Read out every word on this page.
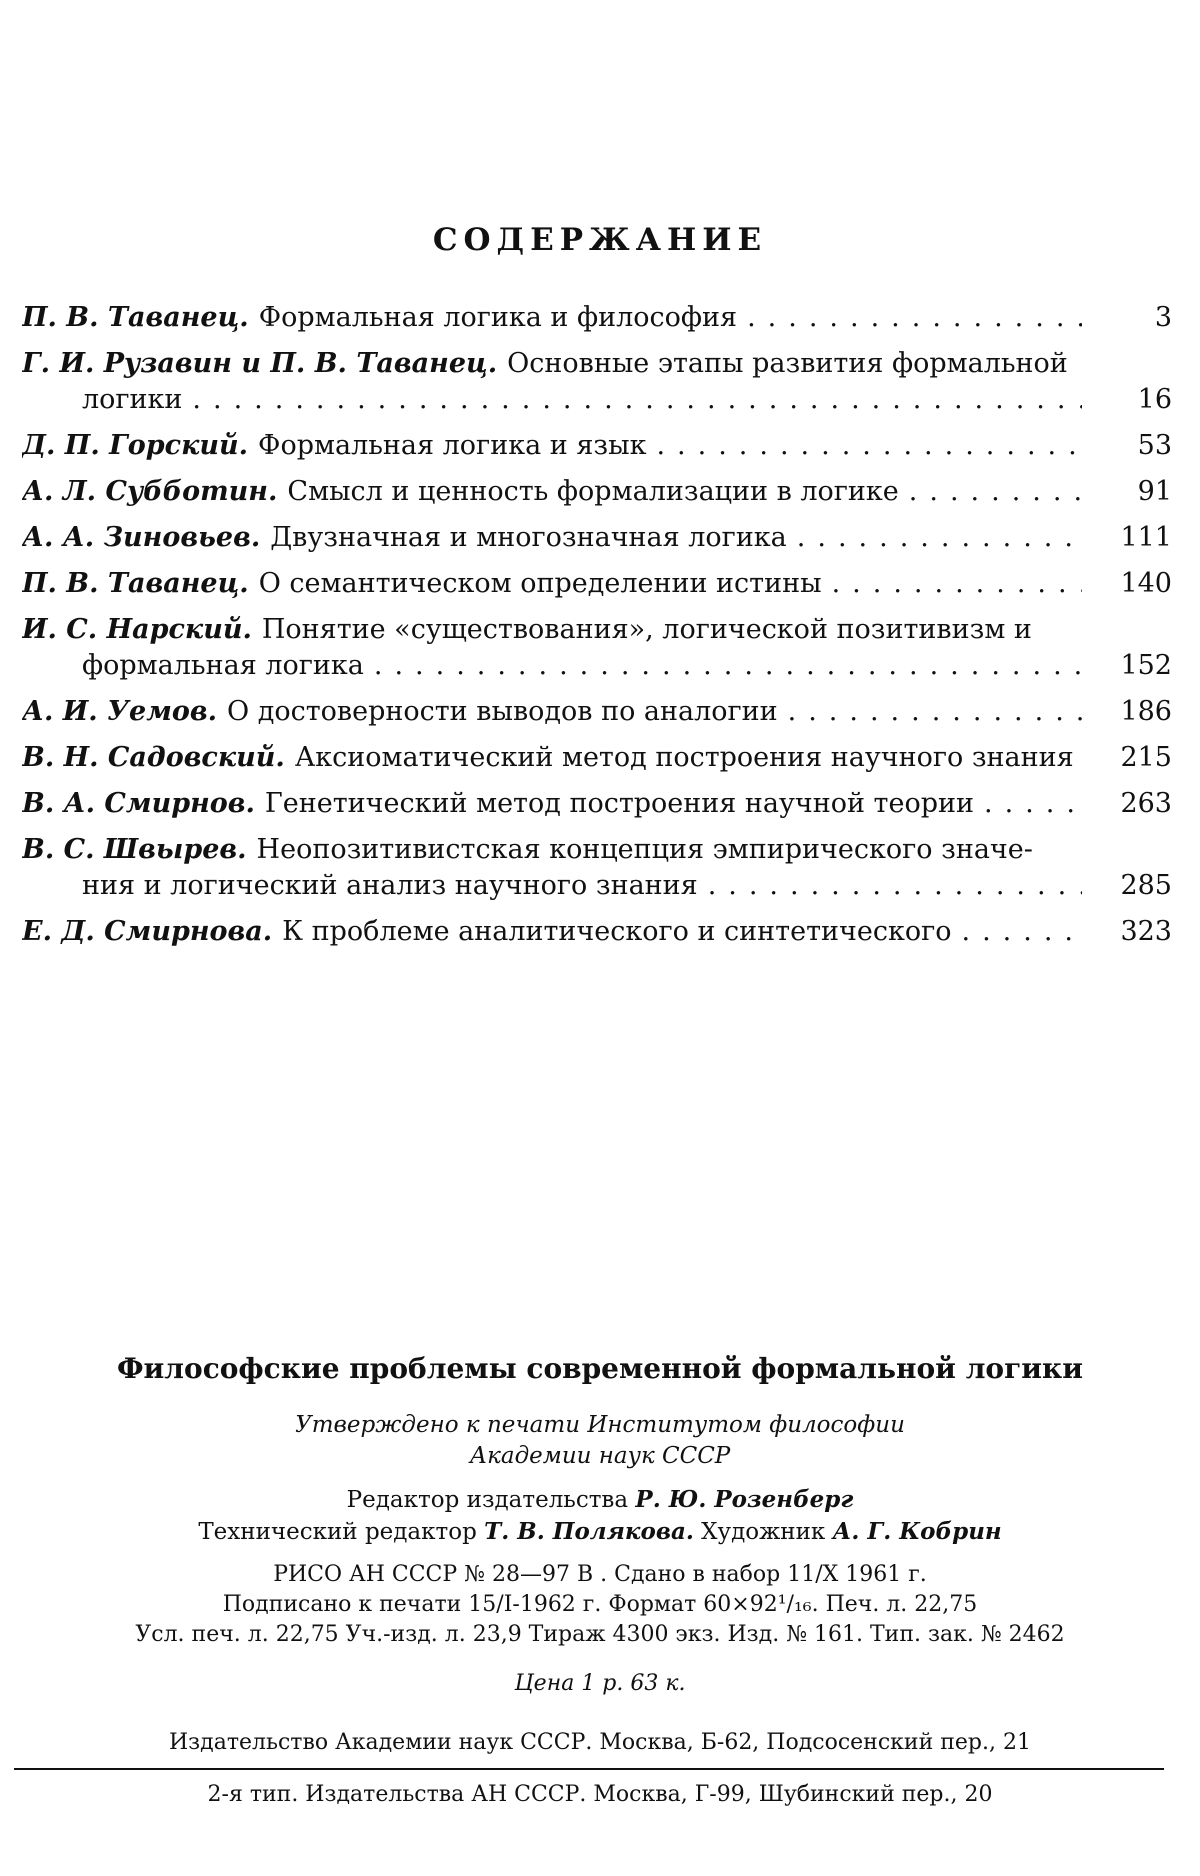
СОДЕРЖАНИЕ
П. В. Таванец. Формальная логика и философия ................	3
Г. И. Рузавин и П. В. Таванец. Основные этапы развития формальной
логики ........................................... 16
Д. П. Горский. Формальная логика и язык ....................	53
А. Л. Субботин. Смысл и ценность формализации в логике ........	91
А. А. Зиновьев. Двузначная и многозначная логика .............	111
П. В. Таванец. О семантическом определении истины ............ 140
И. С. Нарский. Понятие «существования», логической позитивизм и
формальная логика ..................................	152
А. И. Уемов. О достоверности выводов по аналогии .............. 186
В. Н. Садовский. Аксиоматический метод построения научного знания 215
В. А. Смирнов. Генетический метод построения научной теории ....	263
В. С. Швырев. Неопозитивистская концепция эмпирического значе-
ния и логический анализ научного знания .................. 285
Е. Д. Смирнова. К проблеме аналитического и синтетического ...... 323
Философские проблемы современной формальной логики
Утверждено к печати Институтом философии
Академии наук СССР
Редактор издательства Р. Ю. Розенберг
Технический редактор Т. В. Полякова. Художник А. Г. Кобрин
РИСО АН СССР № 28—97 В . Сдано в набор 11/X 1961 г.
Подписано к печати 15/I-1962 г. Формат 60×92¹/₁₆. Печ. л. 22,75
Усл. печ. л. 22,75 Уч.-изд. л. 23,9 Тираж 4300 экз. Изд. № 161. Тип. зак. № 2462
Цена 1 р. 63 к.
Издательство Академии наук СССР. Москва, Б-62, Подсосенский пер., 21
2-я тип. Издательства АН СССР. Москва, Г-99, Шубинский пер., 20
